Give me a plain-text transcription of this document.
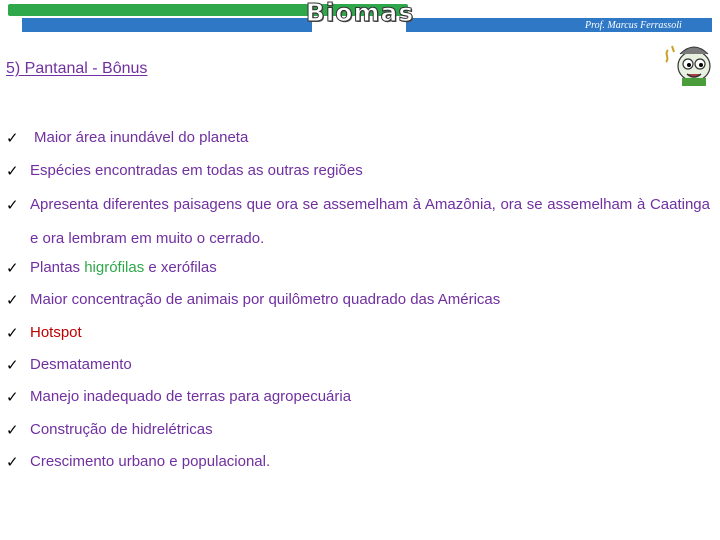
Biomas	Prof. Marcus Ferrassoli
5) Pantanal - Bônus
✓ Maior área inundável do planeta
✓ Espécies encontradas em todas as outras regiões
✓ Apresenta diferentes paisagens que ora se assemelham à Amazônia, ora se assemelham à Caatinga e ora lembram em muito o cerrado.
✓ Plantas higrófilas e xerófilas
✓ Maior concentração de animais por quilômetro quadrado das Américas
✓ Hotspot
✓ Desmatamento
✓ Manejo inadequado de terras para agropecuária
✓ Construção de hidrelétricas
✓ Crescimento urbano e populacional.
